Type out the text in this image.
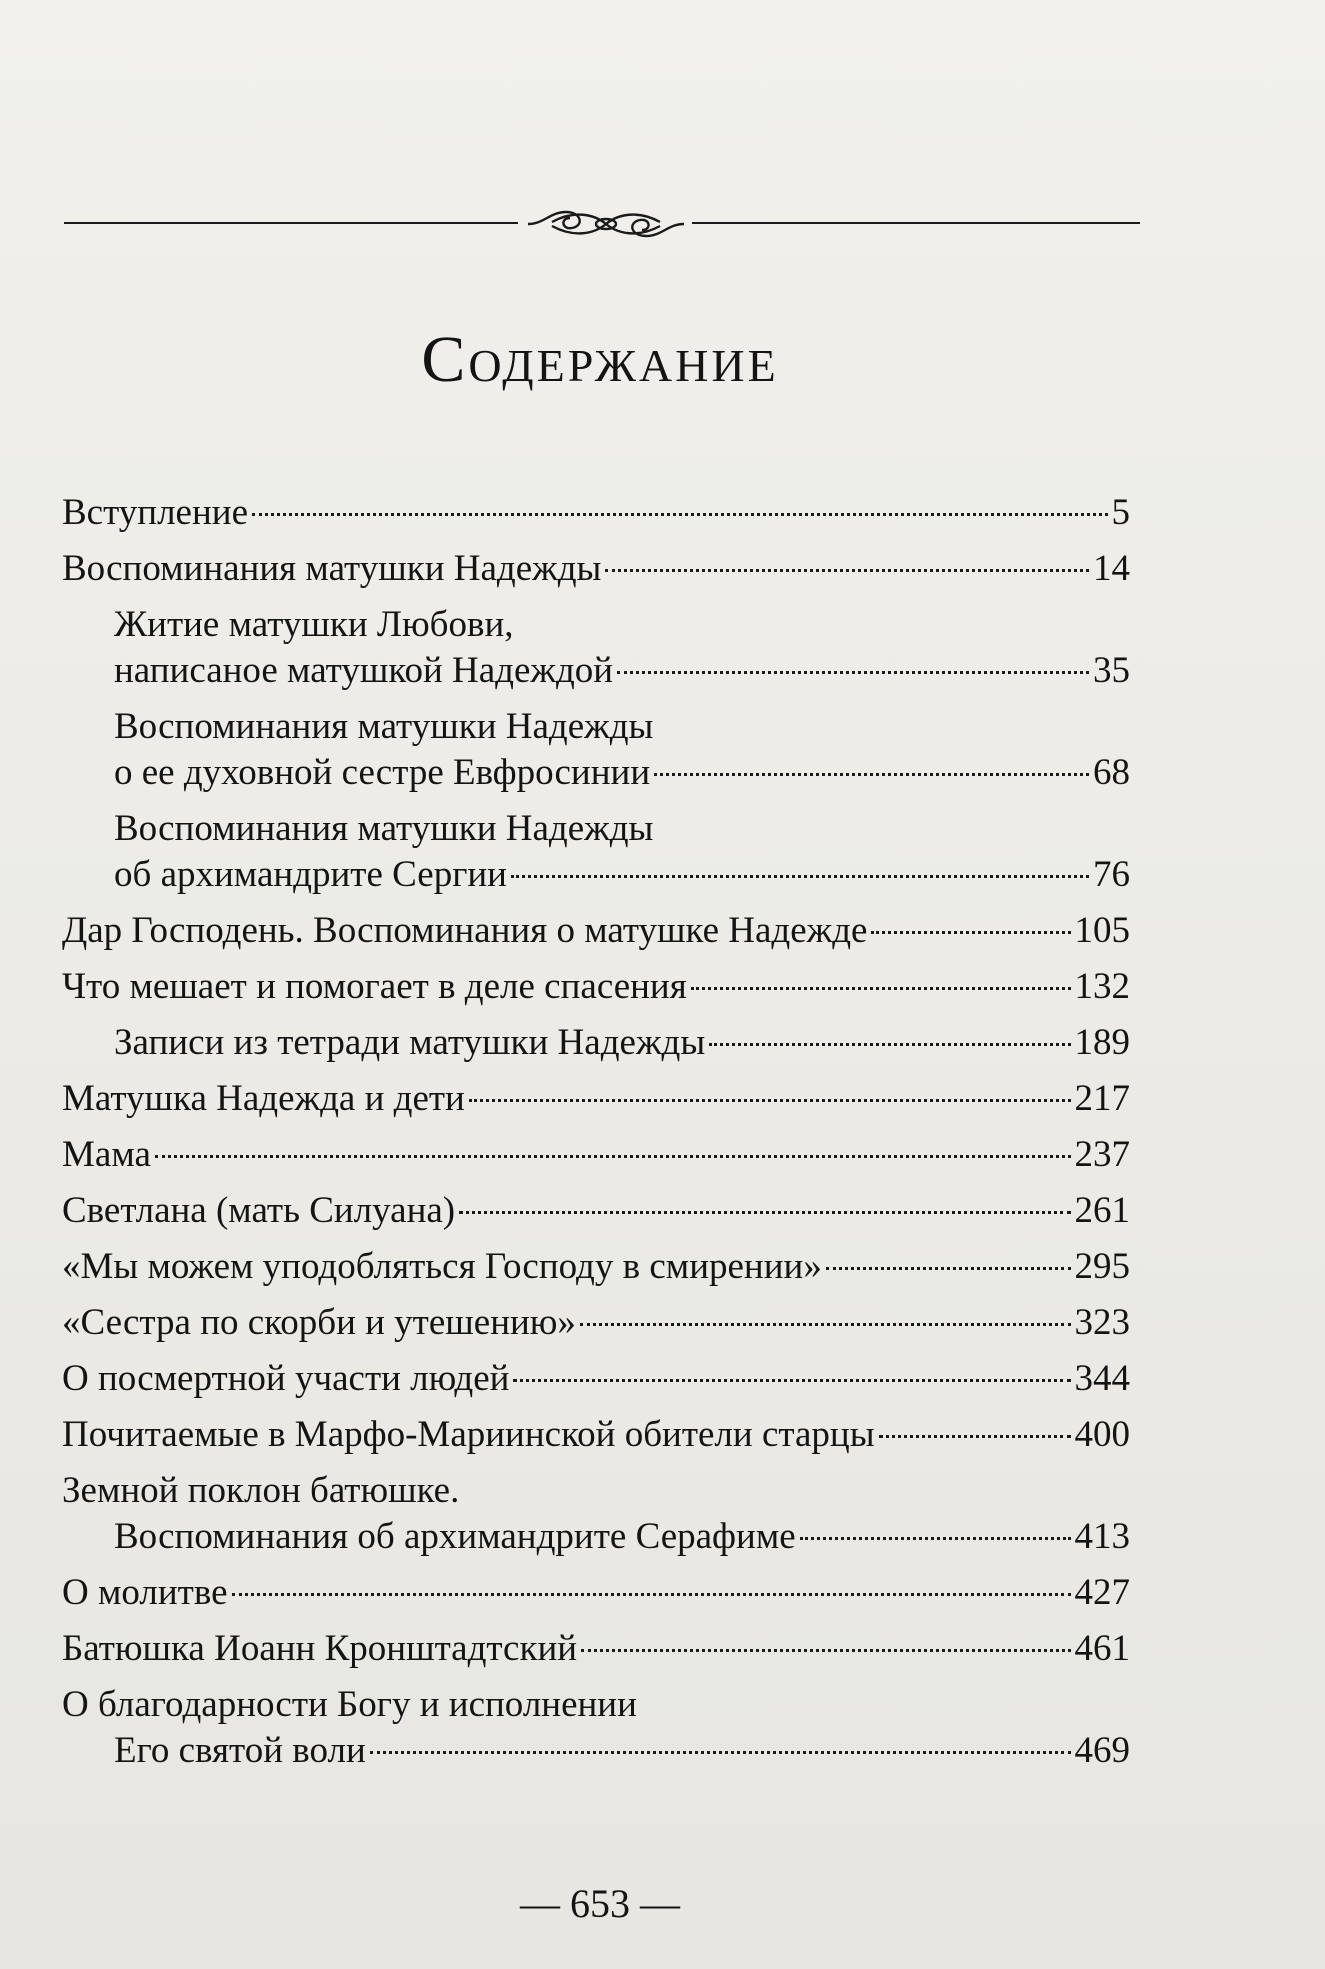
Содержание
Вступление	5
Воспоминания матушки Надежды	14
Житие матушки Любови,
написаное матушкой Надеждой	35
Воспоминания матушки Надежды
о ее духовной сестре Евфросинии	68
Воспоминания матушки Надежды
об архимандрите Сергии	76
Дар Господень. Воспоминания о матушке Надежде	105
Что мешает и помогает в деле спасения	132
Записи из тетради матушки Надежды	189
Матушка Надежда и дети	217
Мама	237
Светлана (мать Силуана)	261
«Мы можем уподобляться Господу в смирении»	295
«Сестра по скорби и утешению»	323
О посмертной участи людей	344
Почитаемые в Марфо-Мариинской обители старцы	400
Земной поклон батюшке.
Воспоминания об архимандрите Серафиме	413
О молитве	427
Батюшка Иоанн Кронштадтский	461
О благодарности Богу и исполнении
Его святой воли	469
— 653 —
